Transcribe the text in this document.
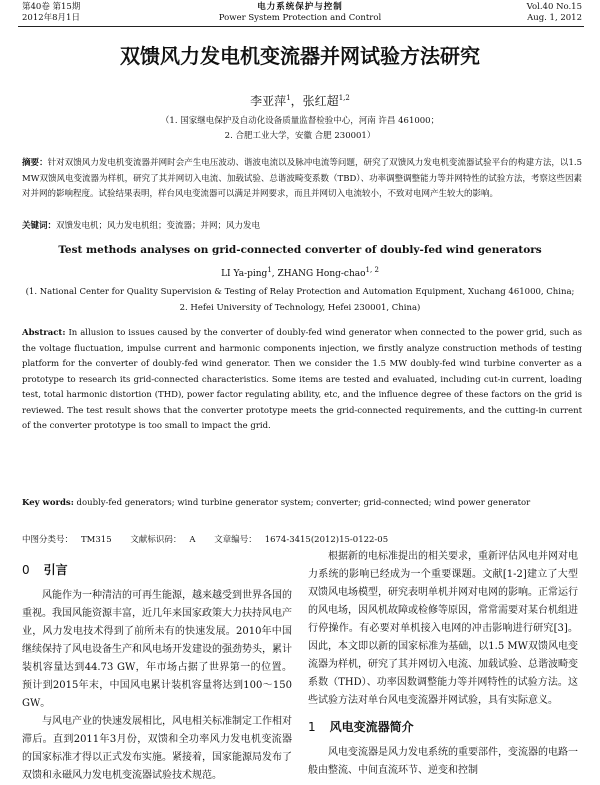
第40卷 第15期
2012年8月1日
电力系统保护与控制
Power System Protection and Control
Vol.40 No.15
Aug. 1, 2012
双馈风力发电机变流器并网试验方法研究
李亚萍$^1$，张红超$^{1,2}$
（1. 国家继电保护及自动化设备质量监督检验中心，河南 许昌 461000；
2. 合肥工业大学，安徽 合肥 230001）
摘要：针对双馈风力发电机变流器并网时会产生电压波动、谐波电流以及脉冲电流等问题，研究了双馈风力发电机变流器试验平台的构建方法，以1.5 MW双馈风电变流器为样机，研究了其并网切入电流、加载试验、总谐波畸变系数（TBD）、功率调整调整能力等并网特性的试验方法，考察这些因素对并网的影响程度。试验结果表明，样台风电变流器可以满足并网要求，而且并网切入电流较小，不致对电网产生较大的影响。
关键词：双馈发电机；风力发电机组；变流器；并网；风力发电
Test methods analyses on grid-connected converter of doubly-fed wind generators
LI Ya-ping$^1$, ZHANG Hong-chao$^{1, 2}$
(1. National Center for Quality Supervision & Testing of Relay Protection and Automation Equipment, Xuchang 461000, China;
2. Hefei University of Technology, Hefei 230001, China)
Abstract: In allusion to issues caused by the converter of doubly-fed wind generator when connected to the power grid, such as the voltage fluctuation, impulse current and harmonic components injection, we firstly analyze construction methods of testing platform for the converter of doubly-fed wind generator. Then we consider the 1.5 MW doubly-fed wind turbine converter as a prototype to research its grid-connected characteristics. Some items are tested and evaluated, including cut-in current, loading test, total harmonic distortion (THD), power factor regulating ability, etc, and the influence degree of these factors on the grid is reviewed. The test result shows that the converter prototype meets the grid-connected requirements, and the cutting-in current of the converter prototype is too small to impact the grid.
Key words: doubly-fed generators; wind turbine generator system; converter; grid-connected; wind power generator
中图分类号： TM315 文献标识码： A 文章编号： 1674-3415(2012)15-0122-05
0 引言

风能作为一种清洁的可再生能源，越来越受到世界各国的重视。我国风能资源丰富，近几年来国家政策大力扶持风电产业，风力发电技术得到了前所未有的快速发展。2010年中国继续保持了风电设备生产和风电场开发建设的强劲势头，累计装机容量达到44.73 GW，年市场占据了世界第一的位置。预计到2015年末，中国风电累计装机容量将达到100～150 GW。

与风电产业的快速发展相比，风电相关标准制定工作相对滞后。直到2011年3月份，双馈和全功率风力发电机变流器的国家标准才得以正式发布实施。紧接着，国家能源局发布了双馈和永磁风力发电机变流器试验技术规范。

根据新的电标准提出的相关要求，重新评估风电并网对电力系统的影响已经成为一个重要课题。文献[1-2]建立了大型双馈风电场模型，研究表明单机并网对电网的影响。正常运行的风电场，因风机故障或检修等原因，常常需要对某台机组进行停操作。有必要对单机接入电网的冲击影响进行研究[3]。因此，本文即以新的国家标准为基础，以1.5 MW双馈风电变流器为样机，研究了其并网切入电流、加载试验、总谐波畸变系数（THD）、功率因数调整能力等并网特性的试验方法。这些试验方法对单台风电变流器并网试验，具有实际意义。

1 风电变流器简介

风电变流器是风力发电系统的重要部件，变流器的电路一般由整流、中间直流环节、逆变和控制
